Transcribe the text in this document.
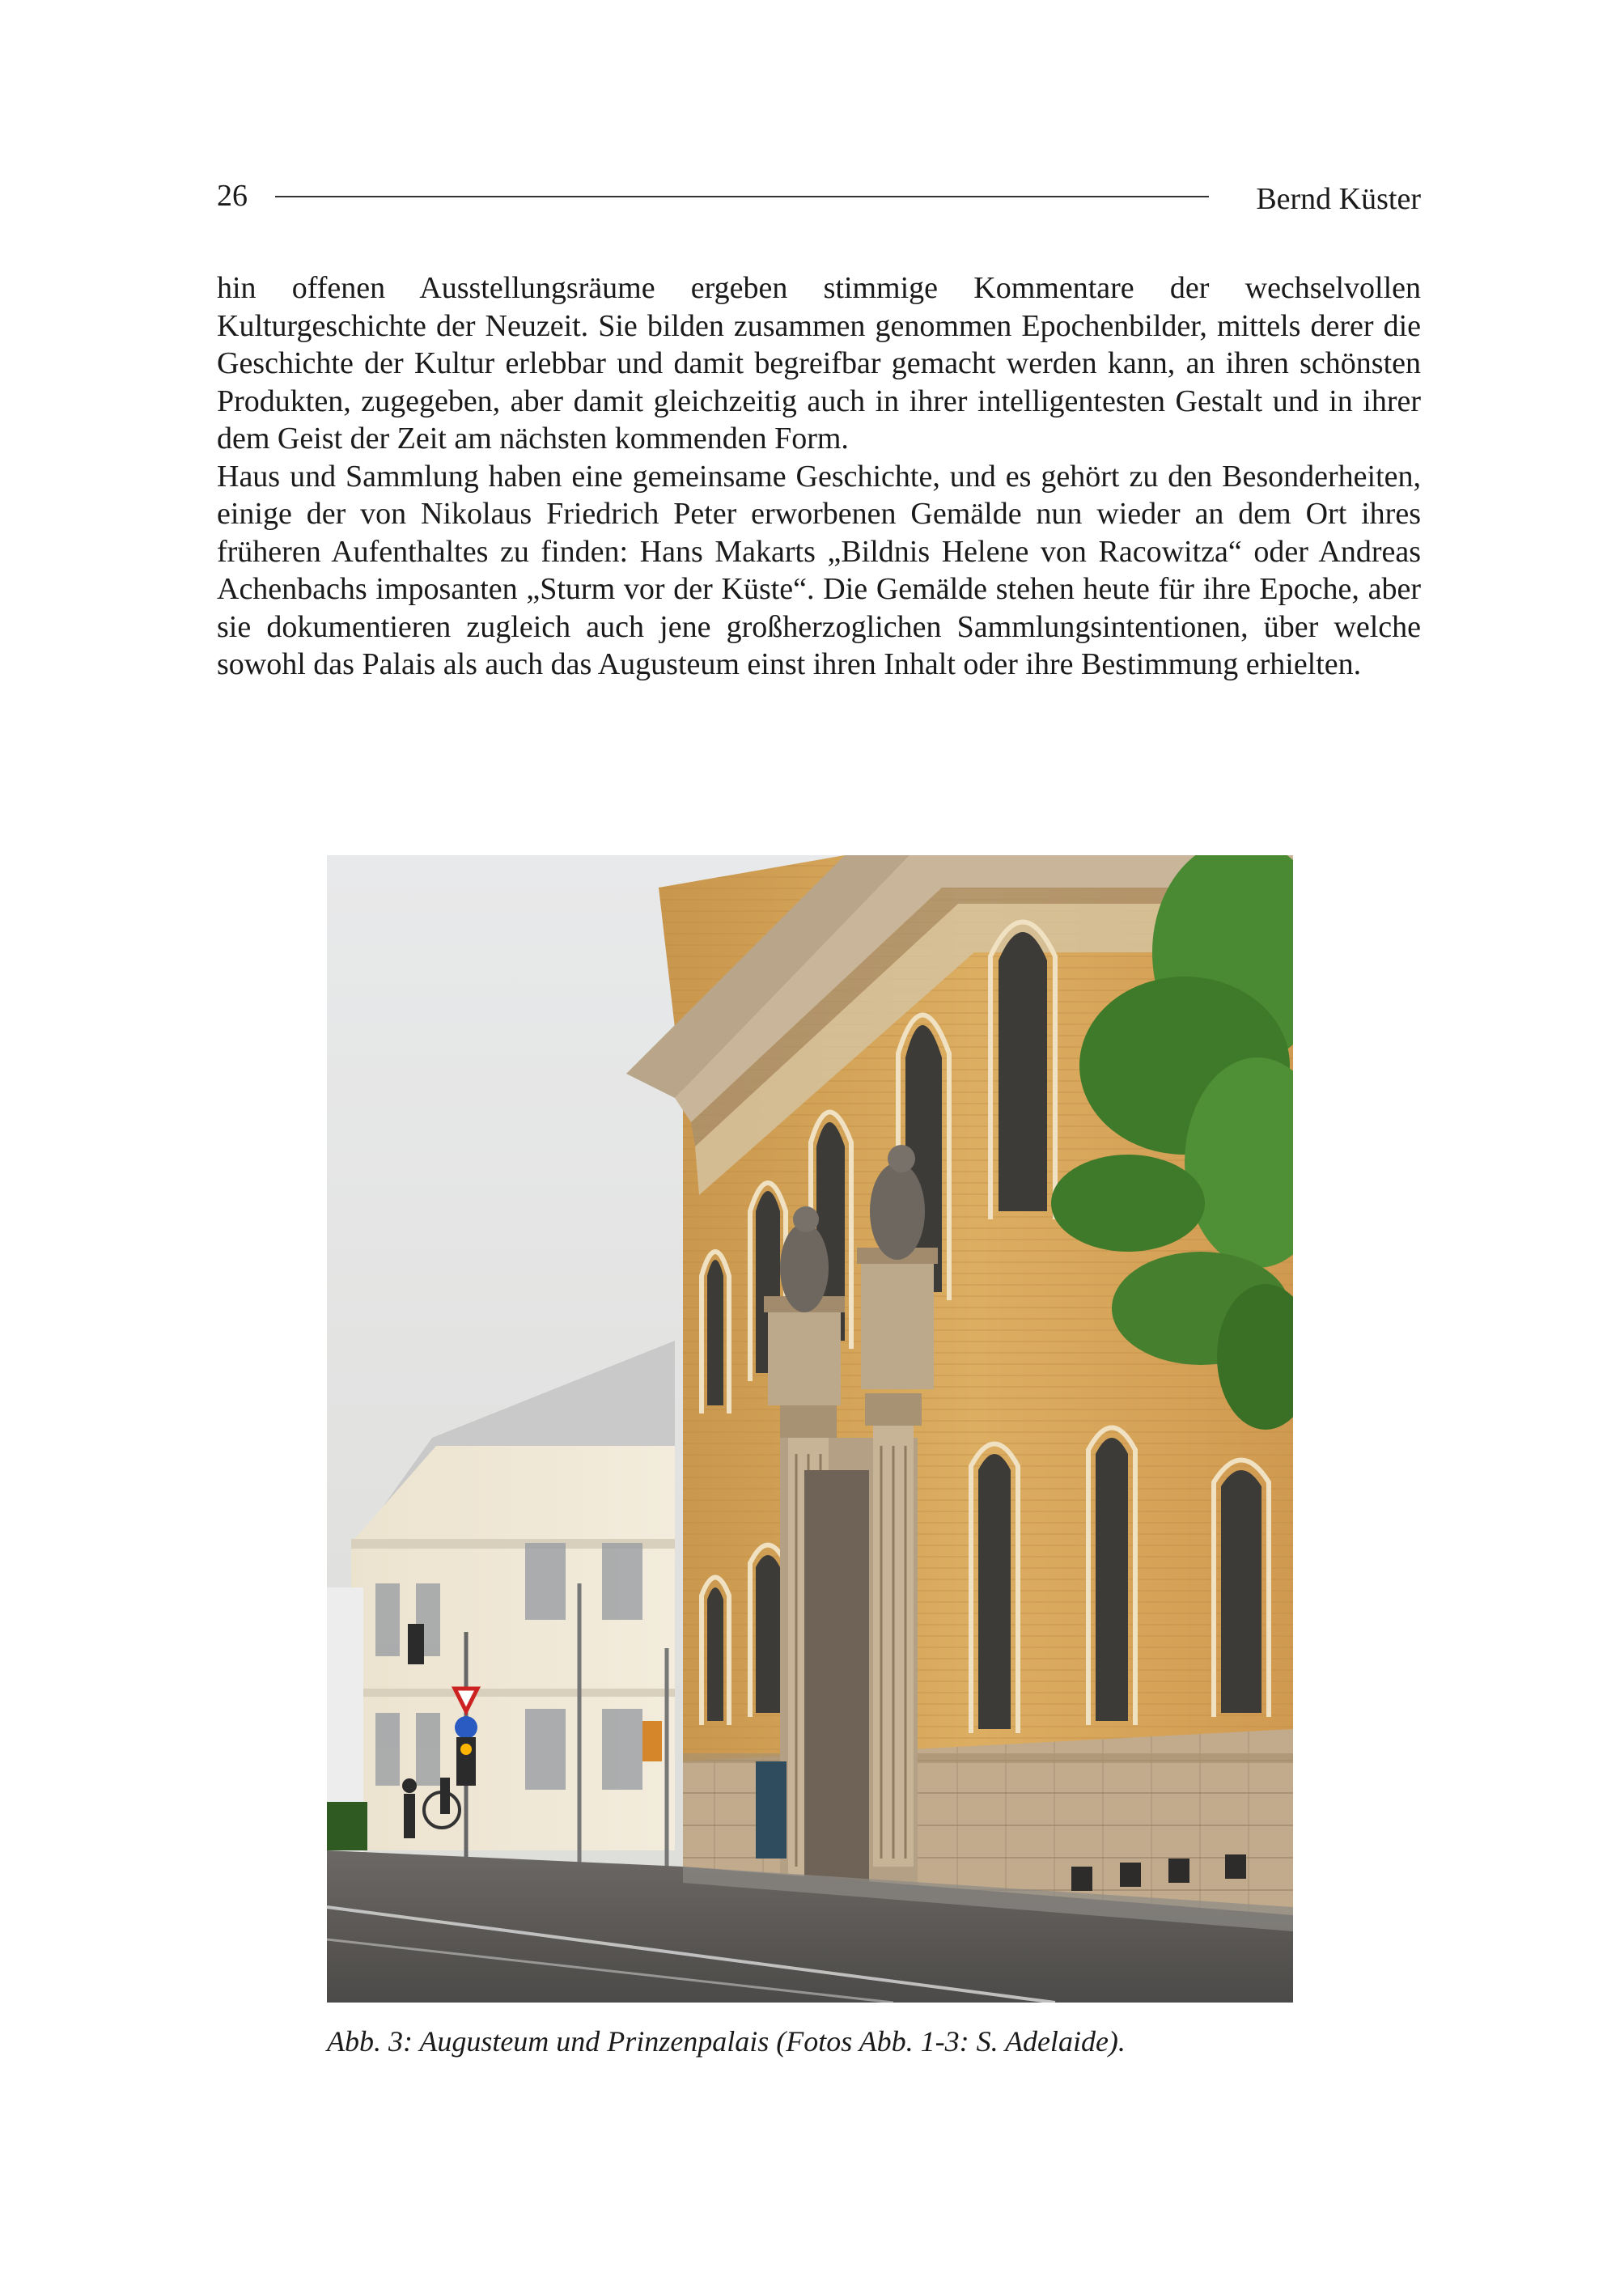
26	Bernd Küster

hin offenen Ausstellungsräume ergeben stimmige Kommentare der wechselvollen Kulturgeschichte der Neuzeit. Sie bilden zusammen genommen Epochenbilder, mittels derer die Geschichte der Kultur erlebbar und damit begreifbar gemacht werden kann, an ihren schönsten Produkten, zugegeben, aber damit gleichzeitig auch in ihrer intelligentesten Gestalt und in ihrer dem Geist der Zeit am nächsten kommenden Form.

Haus und Sammlung haben eine gemeinsame Geschichte, und es gehört zu den Besonderheiten, einige der von Nikolaus Friedrich Peter erworbenen Gemälde nun wieder an dem Ort ihres früheren Aufenthaltes zu finden: Hans Makarts „Bildnis Helene von Racowitza“ oder Andreas Achenbachs imposanten „Sturm vor der Küste“. Die Gemälde stehen heute für ihre Epoche, aber sie dokumentieren zugleich auch jene großherzoglichen Sammlungsintentionen, über welche sowohl das Palais als auch das Augusteum einst ihren Inhalt oder ihre Bestimmung erhielten.

Abb. 3: Augusteum und Prinzenpalais (Fotos Abb. 1-3: S. Adelaide).
